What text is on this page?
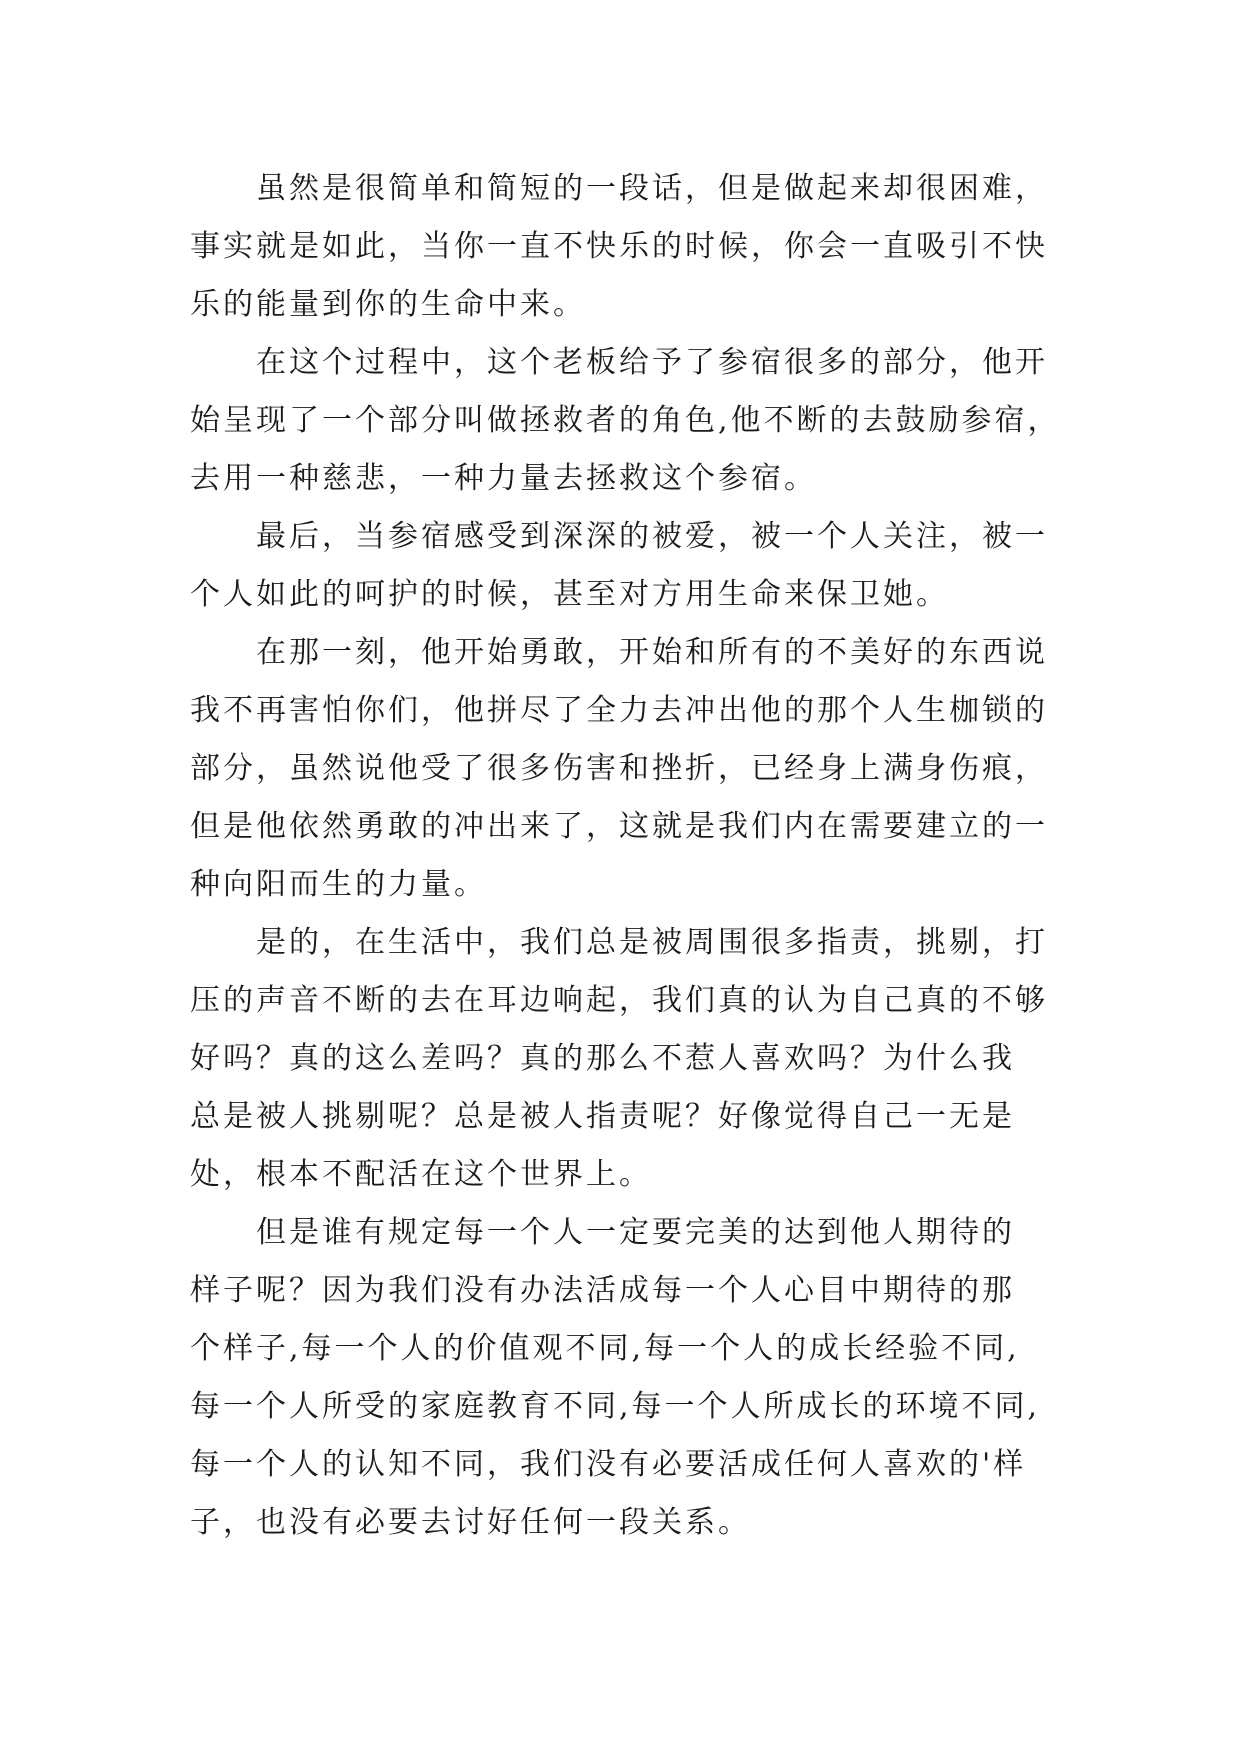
虽然是很简单和简短的一段话，但是做起来却很困难，
事实就是如此，当你一直不快乐的时候，你会一直吸引不快
乐的能量到你的生命中来。

在这个过程中，这个老板给予了参宿很多的部分，他开
始呈现了一个部分叫做拯救者的角色,他不断的去鼓励参宿，
去用一种慈悲，一种力量去拯救这个参宿。

最后，当参宿感受到深深的被爱，被一个人关注，被一
个人如此的呵护的时候，甚至对方用生命来保卫她。

在那一刻，他开始勇敢，开始和所有的不美好的东西说
我不再害怕你们，他拼尽了全力去冲出他的那个人生枷锁的
部分，虽然说他受了很多伤害和挫折，已经身上满身伤痕，
但是他依然勇敢的冲出来了，这就是我们内在需要建立的一
种向阳而生的力量。

是的，在生活中，我们总是被周围很多指责，挑剔，打
压的声音不断的去在耳边响起，我们真的认为自己真的不够
好吗？真的这么差吗？真的那么不惹人喜欢吗？为什么我
总是被人挑剔呢？总是被人指责呢？好像觉得自己一无是
处，根本不配活在这个世界上。

但是谁有规定每一个人一定要完美的达到他人期待的
样子呢？因为我们没有办法活成每一个人心目中期待的那
个样子,每一个人的价值观不同,每一个人的成长经验不同,
每一个人所受的家庭教育不同,每一个人所成长的环境不同,
每一个人的认知不同，我们没有必要活成任何人喜欢的'样
子，也没有必要去讨好任何一段关系。
